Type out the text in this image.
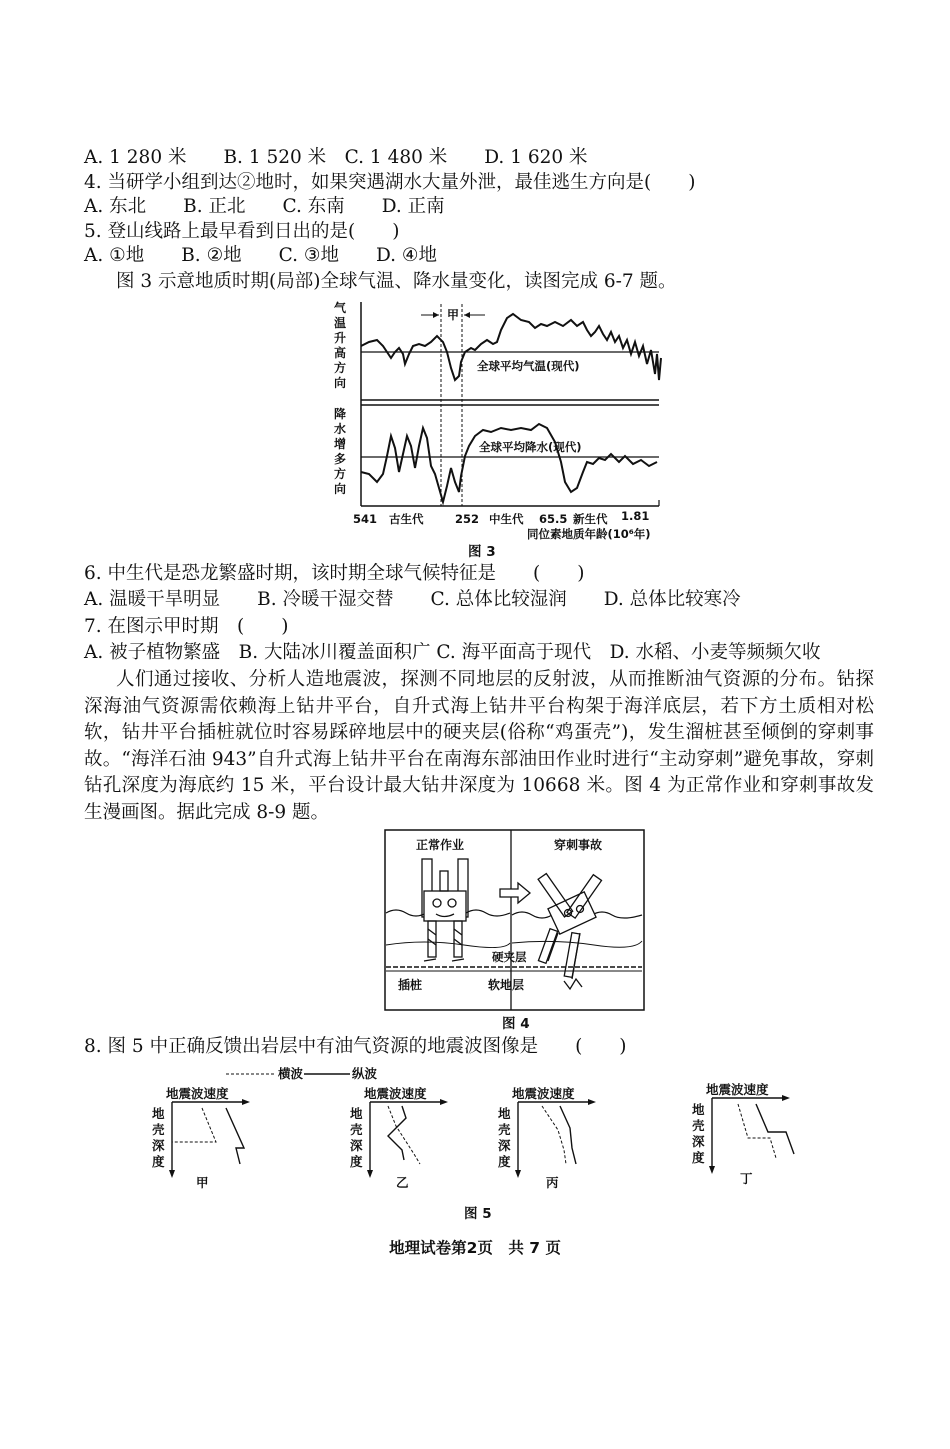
A. 1 280 米　　B. 1 520 米　C. 1 480 米　　D. 1 620 米
4. 当研学小组到达②地时，如果突遇湖水大量外泄，最佳逃生方向是(　　)
A. 东北　　B. 正北　　C. 东南　　D. 正南
5. 登山线路上最早看到日出的是(　　)
A. ①地　　B. ②地　　C. ③地　　D. ④地
图 3 示意地质时期(局部)全球气温、降水量变化，读图完成 6-7 题。
气
温
升
高
方
向
降
水
增
多
方
向
甲
全球平均气温(现代)
全球平均降水(现代)
541 古生代	252 中生代 65.5 新生代 1.81
同位素地质年龄(10⁶年)
图 3
6. 中生代是恐龙繁盛时期，该时期全球气候特征是　　(　　)
A. 温暖干旱明显　　B. 冷暖干湿交替　　C. 总体比较湿润　　D. 总体比较寒冷
7. 在图示甲时期　(　　)
A. 被子植物繁盛　B. 大陆冰川覆盖面积广 C. 海平面高于现代　D. 水稻、小麦等频频欠收
人们通过接收、分析人造地震波，探测不同地层的反射波，从而推断油气资源的分布。钻探深海油气资源需依赖海上钻井平台，自升式海上钻井平台构架于海洋底层，若下方土质相对松软，钻井平台插桩就位时容易踩碎地层中的硬夹层(俗称“鸡蛋壳”)，发生溜桩甚至倾倒的穿刺事故。“海洋石油 943”自升式海上钻井平台在南海东部油田作业时进行“主动穿刺”避免事故，穿刺钻孔深度为海底约 15 米，平台设计最大钻井深度为 10668 米。图 4 为正常作业和穿刺事故发生漫画图。据此完成 8-9 题。
正常作业	穿刺事故
硬夹层
插桩	软地层
图 4
8. 图 5 中正确反馈出岩层中有油气资源的地震波图像是　　(　　)
横波	纵波
地震波速度
地
壳
深
度
甲
地震波速度
地
壳
深
度
乙
地震波速度
地
壳
深
度
丙
地震波速度
地
壳
深
度
丁
图 5
地理试卷第2页　共 7 页
